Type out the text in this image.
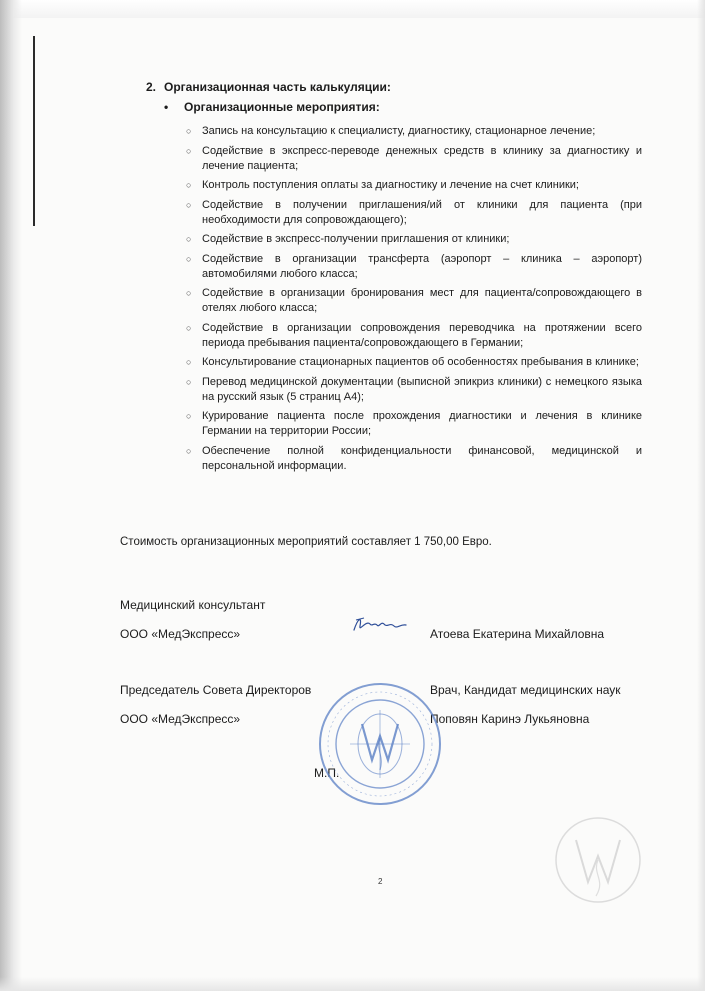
2. Организационная часть калькуляции:

• Организационные мероприятия:

○ Запись на консультацию к специалисту, диагностику, стационарное лечение;
○ Содействие в экспресс-переводе денежных средств в клинику за диагностику и лечение пациента;
○ Контроль поступления оплаты за диагностику и лечение на счет клиники;
○ Содействие в получении приглашения/ий от клиники для пациента (при необходимости для сопровождающего);
○ Содействие в экспресс-получении приглашения от клиники;
○ Содействие в организации трансферта (аэропорт – клиника – аэропорт) автомобилями любого класса;
○ Содействие в организации бронирования мест для пациента/сопровождающего в отелях любого класса;
○ Содействие в организации сопровождения переводчика на протяжении всего периода пребывания пациента/сопровождающего в Германии;
○ Консультирование стационарных пациентов об особенностях пребывания в клинике;
○ Перевод медицинской документации (выписной эпикриз клиники) с немецкого языка на русский язык (5 страниц А4);
○ Курирование пациента после прохождения диагностики и лечения в клинике Германии на территории России;
○ Обеспечение полной конфиденциальности финансовой, медицинской и персональной информации.

Стоимость организационных мероприятий составляет 1 750,00 Евро.

Медицинский консультант
ООО «МедЭкспресс»	Атоева Екатерина Михайловна
Председатель Совета Директоров	Врач, Кандидат медицинских наук
ООО «МедЭкспресс»	Поповян Каринэ Лукьяновна
М.П.
2
